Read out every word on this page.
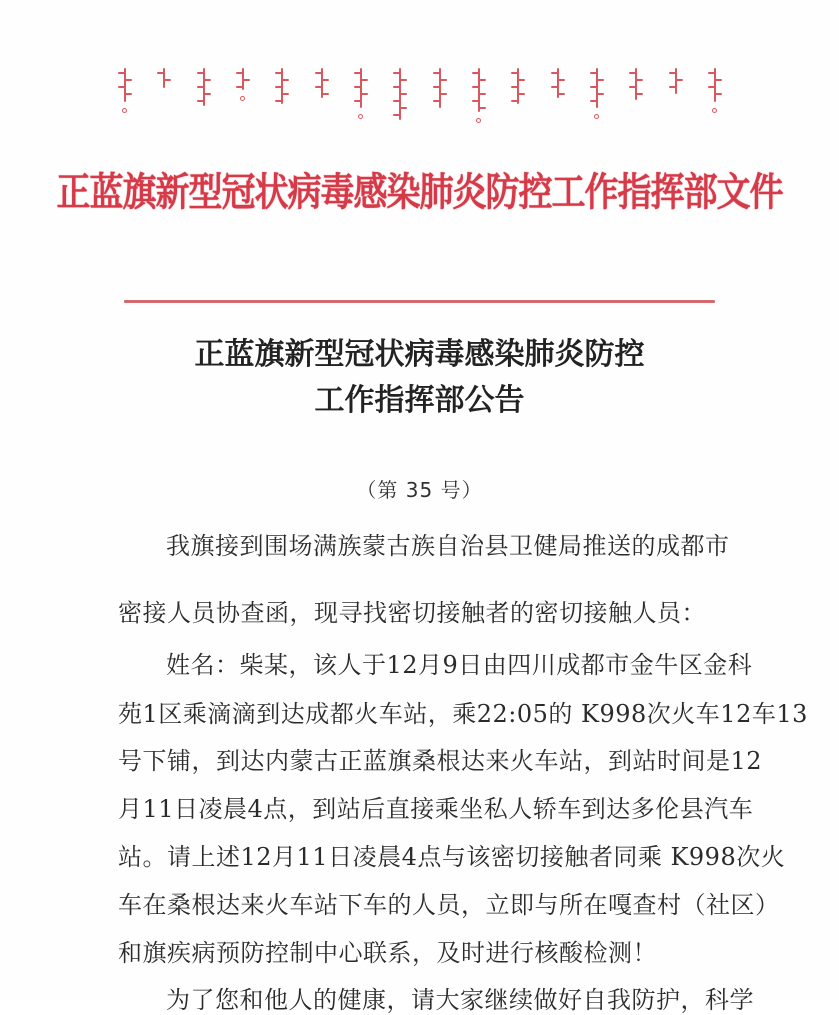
正蓝旗新型冠状病毒感染肺炎防控工作指挥部文件
正蓝旗新型冠状病毒感染肺炎防控
工作指挥部公告
（第 35 号）
我旗接到围场满族蒙古族自治县卫健局推送的成都市
密接人员协查函，现寻找密切接触者的密切接触人员：
姓名：柴某，该人于12月9日由四川成都市金牛区金科
苑1区乘滴滴到达成都火车站，乘22:05的 K998次火车12车13
号下铺，到达内蒙古正蓝旗桑根达来火车站，到站时间是12
月11日凌晨4点，到站后直接乘坐私人轿车到达多伦县汽车
站。请上述12月11日凌晨4点与该密切接触者同乘 K998次火
车在桑根达来火车站下车的人员，立即与所在嘎查村（社区）
和旗疾病预防控制中心联系，及时进行核酸检测！
为了您和他人的健康，请大家继续做好自我防护，科学
